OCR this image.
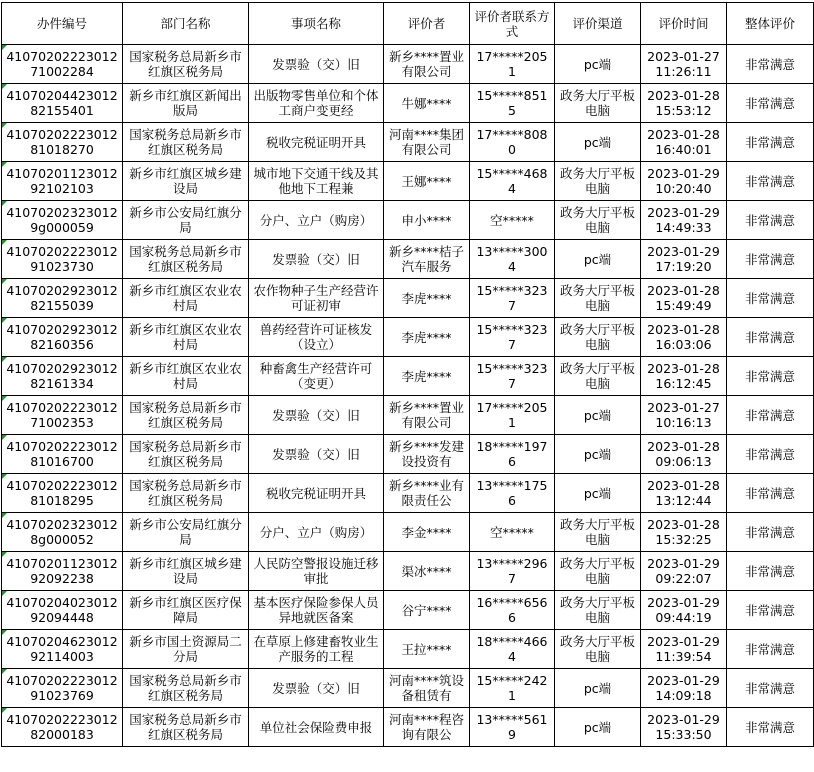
办件编号	部门名称	事项名称	评价者	评价者联系方式	评价渠道	评价时间	整体评价
41070202223012 71002284	国家税务总局新乡市红旗区税务局	发票验（交）旧	新乡****置业有限公司	17*****205 1	pc端	2023-01-27 11:26:11	非常满意
41070204423012 82155401	新乡市红旗区新闻出版局	出版物零售单位和个体工商户变更经	牛娜****	15*****851 5	政务大厅平板电脑	2023-01-28 15:53:12	非常满意
41070202223012 81018270	国家税务总局新乡市红旗区税务局	税收完税证明开具	河南****集团有限公司	17*****808 0	pc端	2023-01-28 16:40:01	非常满意
41070201123012 92102103	新乡市红旗区城乡建设局	城市地下交通干线及其他地下工程兼	王娜****	15*****468 4	政务大厅平板电脑	2023-01-29 10:20:40	非常满意
41070202323012 9g000059	新乡市公安局红旗分局	分户、立户（购房）	申小****	空*****	政务大厅平板电脑	2023-01-29 14:49:33	非常满意
41070202223012 91023730	国家税务总局新乡市红旗区税务局	发票验（交）旧	新乡****桔子汽车服务	13*****300 4	pc端	2023-01-29 17:19:20	非常满意
41070202923012 82155039	新乡市红旗区农业农村局	农作物种子生产经营许可证初审	李虎****	15*****323 7	政务大厅平板电脑	2023-01-28 15:49:49	非常满意
41070202923012 82160356	新乡市红旗区农业农村局	兽药经营许可证核发（设立）	李虎****	15*****323 7	政务大厅平板电脑	2023-01-28 16:03:06	非常满意
41070202923012 82161334	新乡市红旗区农业农村局	种畜禽生产经营许可（变更）	李虎****	15*****323 7	政务大厅平板电脑	2023-01-28 16:12:45	非常满意
41070202223012 71002353	国家税务总局新乡市红旗区税务局	发票验（交）旧	新乡****置业有限公司	17*****205 1	pc端	2023-01-27 10:16:13	非常满意
41070202223012 81016700	国家税务总局新乡市红旗区税务局	发票验（交）旧	新乡****发建设投资有	18*****197 6	pc端	2023-01-28 09:06:13	非常满意
41070202223012 81018295	国家税务总局新乡市红旗区税务局	税收完税证明开具	新乡****业有限责任公	13*****175 6	pc端	2023-01-28 13:12:44	非常满意
41070202323012 8g000052	新乡市公安局红旗分局	分户、立户（购房）	李金****	空*****	政务大厅平板电脑	2023-01-28 15:32:25	非常满意
41070201123012 92092238	新乡市红旗区城乡建设局	人民防空警报设施迁移审批	渠冰****	13*****296 7	政务大厅平板电脑	2023-01-29 09:22:07	非常满意
41070204023012 92094448	新乡市红旗区医疗保障局	基本医疗保险参保人员异地就医备案	谷宁****	16*****656 6	政务大厅平板电脑	2023-01-29 09:44:19	非常满意
41070204623012 92114003	新乡市国土资源局二分局	在草原上修建畜牧业生产服务的工程	王拉****	18*****466 4	政务大厅平板电脑	2023-01-29 11:39:54	非常满意
41070202223012 91023769	国家税务总局新乡市红旗区税务局	发票验（交）旧	河南****筑设备租赁有	15*****242 1	pc端	2023-01-29 14:09:18	非常满意
41070202223012 82000183	国家税务总局新乡市红旗区税务局	单位社会保险费申报	河南****程咨询有限公	13*****561 9	pc端	2023-01-29 15:33:50	非常满意
